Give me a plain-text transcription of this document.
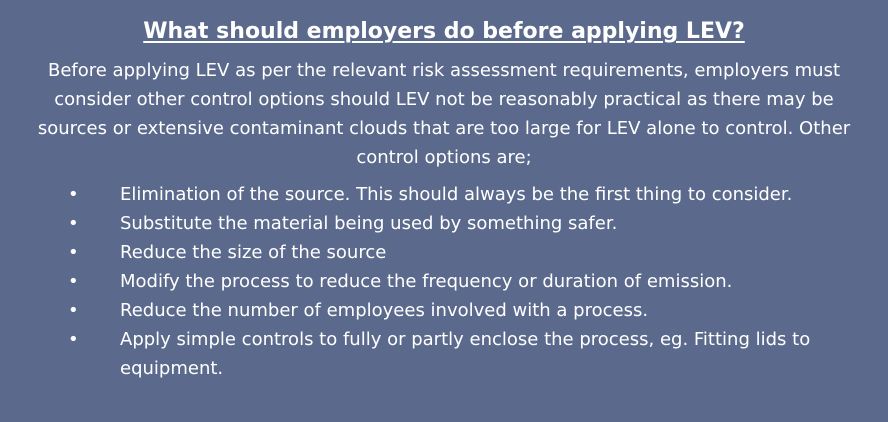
What should employers do before applying LEV?
Before applying LEV as per the relevant risk assessment requirements, employers must consider other control options should LEV not be reasonably practical as there may be sources or extensive contaminant clouds that are too large for LEV alone to control. Other control options are;
•	Elimination of the source. This should always be the first thing to consider.
•	Substitute the material being used by something safer.
•	Reduce the size of the source
•	Modify the process to reduce the frequency or duration of emission.
•	Reduce the number of employees involved with a process.
•	Apply simple controls to fully or partly enclose the process, eg. Fitting lids to equipment.
